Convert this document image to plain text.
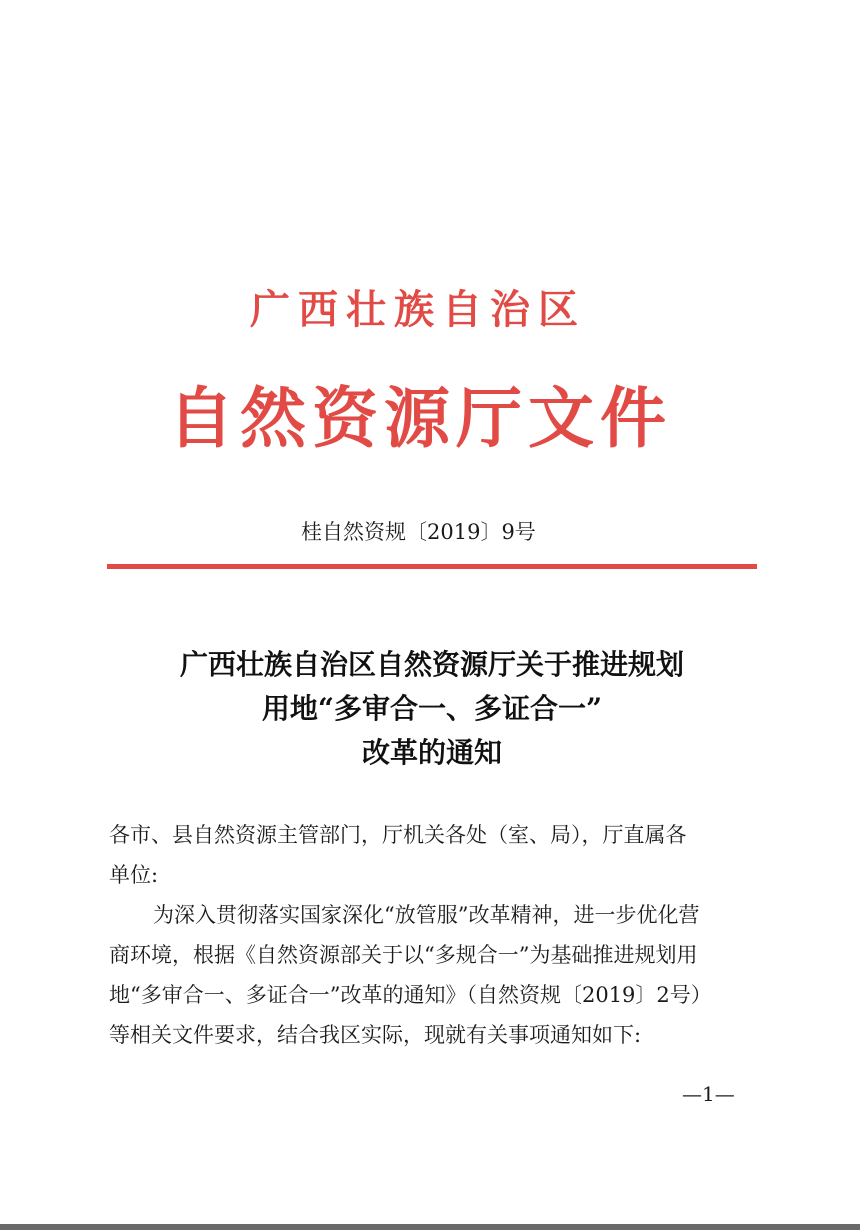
广西壮族自治区
自然资源厅文件
桂自然资规〔2019〕9号
广西壮族自治区自然资源厅关于推进规划
用地“多审合一、多证合一”
改革的通知
各市、县自然资源主管部门，厅机关各处（室、局），厅直属各
单位:
为深入贯彻落实国家深化“放管服”改革精神，进一步优化营
商环境，根据《自然资源部关于以“多规合一”为基础推进规划用
地“多审合一、多证合一”改革的通知》（自然资规〔2019〕2号）
等相关文件要求，结合我区实际，现就有关事项通知如下:
—1—
